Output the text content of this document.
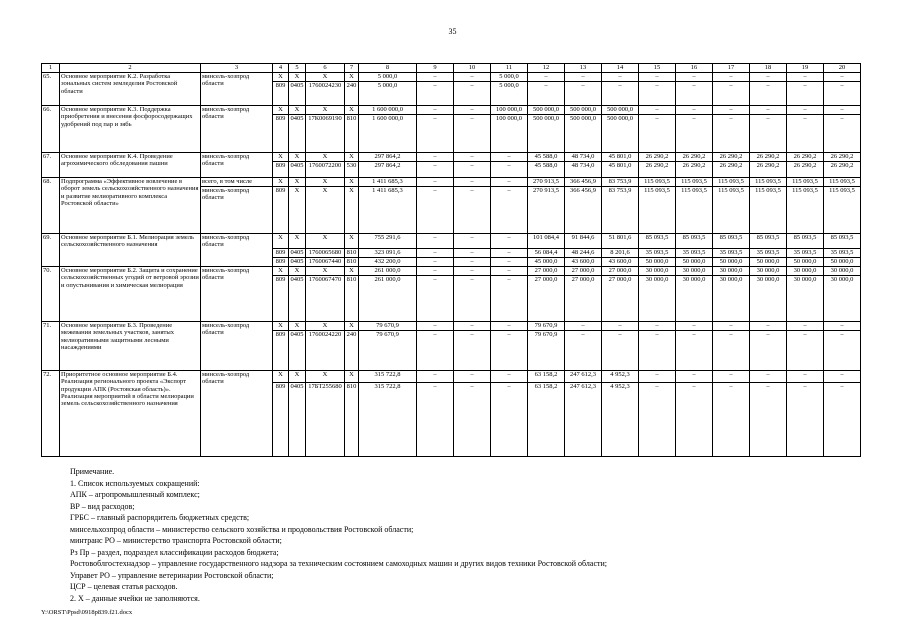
35
1	2	3	4	5	6	7	8	9	10	11	12	13	14	15	16	17	18	19	20
65.	Основное мероприятие К.2. Разработка зональных систем земледелия Ростовской области	минсель-хозпрод области	X	X	X	X	5 000,0	–	–	5 000,0	–	–	–	–	–	–	–	–	–
			809	0405	1760024230	240	5 000,0	–	–	5 000,0	–	–	–	–	–	–	–	–	–
66.	Основное мероприятие К.3. Поддержка приобретения и внесения фосфоросодержащих удобрений под пар и зябь	минсель-хозпрод области	X	X	X	X	1 600 000,0	–	–	100 000,0	500 000,0	500 000,0	500 000,0	–	–	–	–	–	–
			809	0405	17К0069190	810	1 600 000,0	–	–	100 000,0	500 000,0	500 000,0	500 000,0	–	–	–	–	–	–
67.	Основное мероприятие К.4. Проведение агрохимического обследования пашни	минсель-хозпрод области	X	X	X	X	297 864,2	–	–	–	45 588,0	48 734,0	45 801,0	26 290,2	26 290,2	26 290,2	26 290,2	26 290,2	26 290,2
			809	0405	1760072200	530	297 864,2	–	–	–	45 588,0	48 734,0	45 801,0	26 290,2	26 290,2	26 290,2	26 290,2	26 290,2	26 290,2
68.	Подпрограмма «Эффективное вовлечение в оборот земель сельскохозяйственного назначения и развитие мелиоративного комплекса Ростовской области»	всего, в том числе	X	X	X	X	1 411 685,3	–	–	–	270 913,5	366 456,9	83 753,9	115 093,5	115 093,5	115 093,5	115 093,5	115 093,5	115 093,5
		минсель-хозпрод области	809	X	X	X	1 411 685,3	–	–	–	270 913,5	366 456,9	83 753,9	115 093,5	115 093,5	115 093,5	115 093,5	115 093,5	115 093,5
69.	Основное мероприятие Б.1. Мелиорация земель сельскохозяйственного назначения	минсель-хозпрод области	X	X	X	X	755 291,6	–	–	–	101 084,4	91 844,6	51 801,6	85 093,5	85 093,5	85 093,5	85 093,5	85 093,5	85 093,5
			809	0405	1760065680	810	323 091,6	–	–	–	56 084,4	48 244,6	8 201,6	35 093,5	35 093,5	35 093,5	35 093,5	35 093,5	35 093,5
			809	0405	1760067440	810	432 200,0	–	–	–	45 000,0	43 600,0	43 600,0	50 000,0	50 000,0	50 000,0	50 000,0	50 000,0	50 000,0
70.	Основное мероприятие Б.2. Защита и сохранение сельскохозяйственных угодий от ветровой эрозии и опустынивания и химическая мелиорация	минсель-хозпрод области	X	X	X	X	261 000,0	–	–	–	27 000,0	27 000,0	27 000,0	30 000,0	30 000,0	30 000,0	30 000,0	30 000,0	30 000,0
			809	0405	1760067470	810	261 000,0	–	–	–	27 000,0	27 000,0	27 000,0	30 000,0	30 000,0	30 000,0	30 000,0	30 000,0	30 000,0
71.	Основное мероприятие Б.3. Проведение межевания земельных участков, занятых мелиоративными защитными лесными насаждениями	минсель-хозпрод области	X	X	X	X	79 670,9	–	–	–	79 670,9	–	–	–	–	–	–	–	–
			809	0405	1760024220	240	79 670,9	–	–	–	79 670,9	–	–	–	–	–	–	–	–
72.	Приоритетное основное мероприятие Б.4. Реализация регионального проекта «Экспорт продукции АПК (Ростовская область)». Реализация мероприятий в области мелиорации земель сельскохозяйственного назначения	минсель-хозпрод области	X	X	X	X	315 722,8	–	–	–	63 158,2	247 612,3	4 952,3	–	–	–	–	–	–
			809	0405	17БТ255680	810	315 722,8	–	–	–	63 158,2	247 612,3	4 952,3	–	–	–	–	–	–
Примечание.
1. Список используемых сокращений:
АПК – агропромышленный комплекс;
ВР – вид расходов;
ГРБС – главный распорядитель бюджетных средств;
минсельхозпрод области – министерство сельского хозяйства и продовольствия Ростовской области;
минтранс РО – министерство транспорта Ростовской области;
Рз Пр – раздел, подраздел классификации расходов бюджета;
Ростовоблгостехнадзор – управление государственного надзора за техническим состоянием самоходных машин и других видов техники Ростовской области;
Управет РО – управление ветеринарии Ростовской области;
ЦСР – целевая статья расходов.
2. Х – данные ячейки не заполняются.
Y:\ORST\Ppsd\0918p839.f21.docx
